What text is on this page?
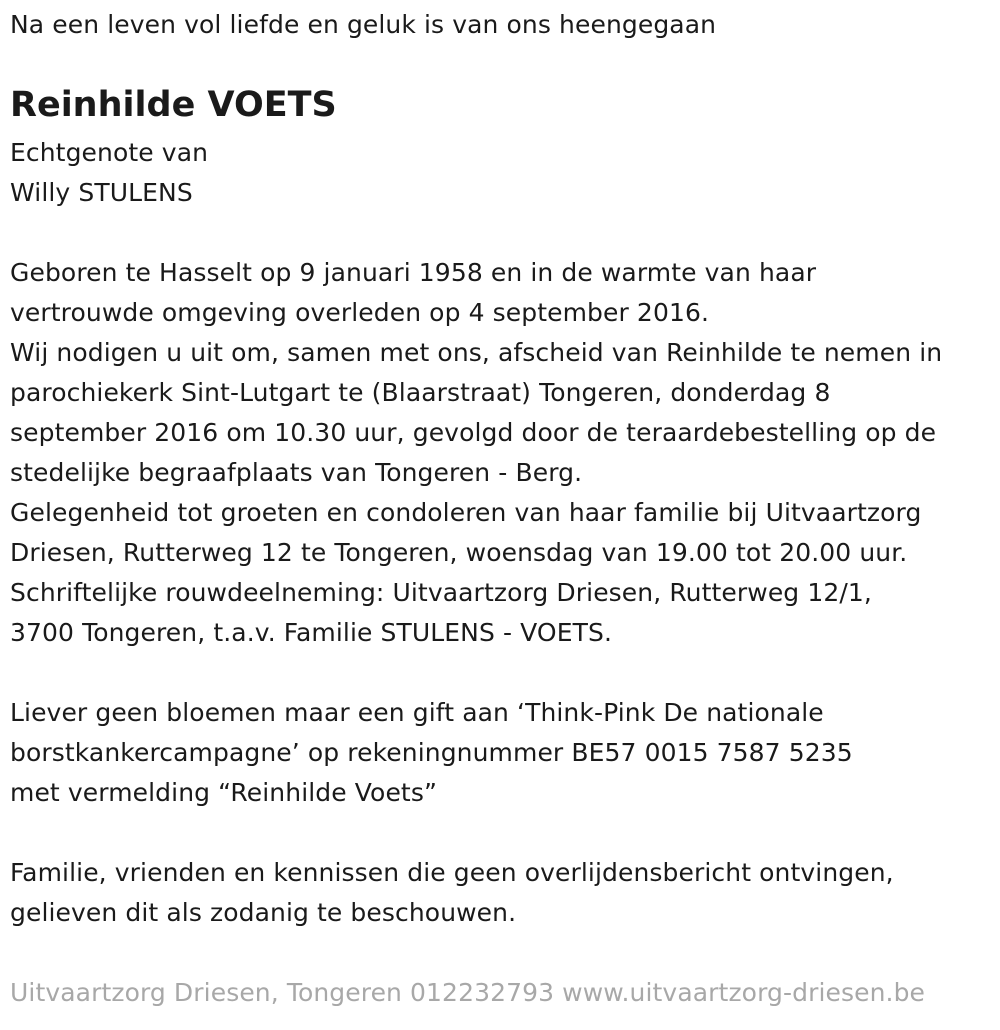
Na een leven vol liefde en geluk is van ons heengegaan
Reinhilde VOETS
Echtgenote van
Willy STULENS
Geboren te Hasselt op 9 januari 1958 en in de warmte van haar
vertrouwde omgeving overleden op 4 september 2016.
Wij nodigen u uit om, samen met ons, afscheid van Reinhilde te nemen in
parochiekerk Sint-Lutgart te (Blaarstraat) Tongeren, donderdag 8
september 2016 om 10.30 uur, gevolgd door de teraardebestelling op de
stedelijke begraafplaats van Tongeren - Berg.
Gelegenheid tot groeten en condoleren van haar familie bij Uitvaartzorg
Driesen, Rutterweg 12 te Tongeren, woensdag van 19.00 tot 20.00 uur.
Schriftelijke rouwdeelneming: Uitvaartzorg Driesen, Rutterweg 12/1,
3700 Tongeren, t.a.v. Familie STULENS - VOETS.
Liever geen bloemen maar een gift aan ‘Think-Pink De nationale
borstkankercampagne’ op rekeningnummer BE57 0015 7587 5235
met vermelding “Reinhilde Voets”
Familie, vrienden en kennissen die geen overlijdensbericht ontvingen,
gelieven dit als zodanig te beschouwen.
Uitvaartzorg Driesen, Tongeren 012232793 www.uitvaartzorg-driesen.be
